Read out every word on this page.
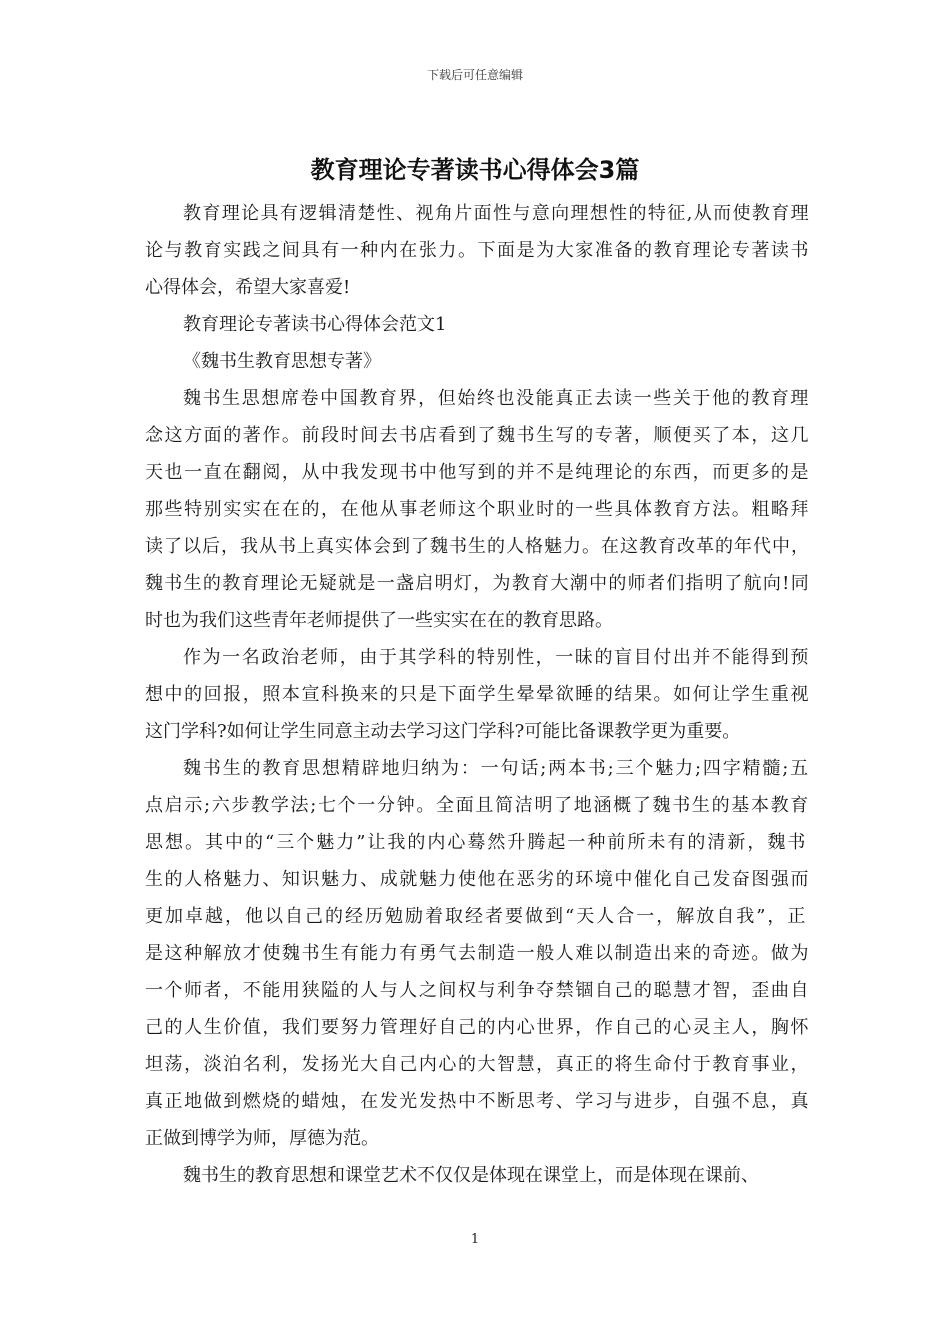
下载后可任意编辑
教育理论专著读书心得体会3篇
教育理论具有逻辑清楚性、视角片面性与意向理想性的特征,从而使教育理
论与教育实践之间具有一种内在张力。下面是为大家准备的教育理论专著读书
心得体会，希望大家喜爱!
教育理论专著读书心得体会范文1
《魏书生教育思想专著》
魏书生思想席卷中国教育界，但始终也没能真正去读一些关于他的教育理
念这方面的著作。前段时间去书店看到了魏书生写的专著，顺便买了本，这几
天也一直在翻阅，从中我发现书中他写到的并不是纯理论的东西，而更多的是
那些特别实实在在的，在他从事老师这个职业时的一些具体教育方法。粗略拜
读了以后，我从书上真实体会到了魏书生的人格魅力。在这教育改革的年代中，
魏书生的教育理论无疑就是一盏启明灯，为教育大潮中的师者们指明了航向!同
时也为我们这些青年老师提供了一些实实在在的教育思路。
作为一名政治老师，由于其学科的特别性，一昧的盲目付出并不能得到预
想中的回报，照本宣科换来的只是下面学生晕晕欲睡的结果。如何让学生重视
这门学科?如何让学生同意主动去学习这门学科?可能比备课教学更为重要。
魏书生的教育思想精辟地归纳为：一句话;两本书;三个魅力;四字精髓;五
点启示;六步教学法;七个一分钟。全面且简洁明了地涵概了魏书生的基本教育
思想。其中的“三个魅力”让我的内心蓦然升腾起一种前所未有的清新，魏书
生的人格魅力、知识魅力、成就魅力使他在恶劣的环境中催化自己发奋图强而
更加卓越，他以自己的经历勉励着取经者要做到“天人合一，解放自我”，正
是这种解放才使魏书生有能力有勇气去制造一般人难以制造出来的奇迹。做为
一个师者，不能用狭隘的人与人之间权与利争夺禁锢自己的聪慧才智，歪曲自
己的人生价值，我们要努力管理好自己的内心世界，作自己的心灵主人，胸怀
坦荡，淡泊名利，发扬光大自己内心的大智慧，真正的将生命付于教育事业，
真正地做到燃烧的蜡烛，在发光发热中不断思考、学习与进步，自强不息，真
正做到博学为师，厚德为范。
魏书生的教育思想和课堂艺术不仅仅是体现在课堂上，而是体现在课前、
1
